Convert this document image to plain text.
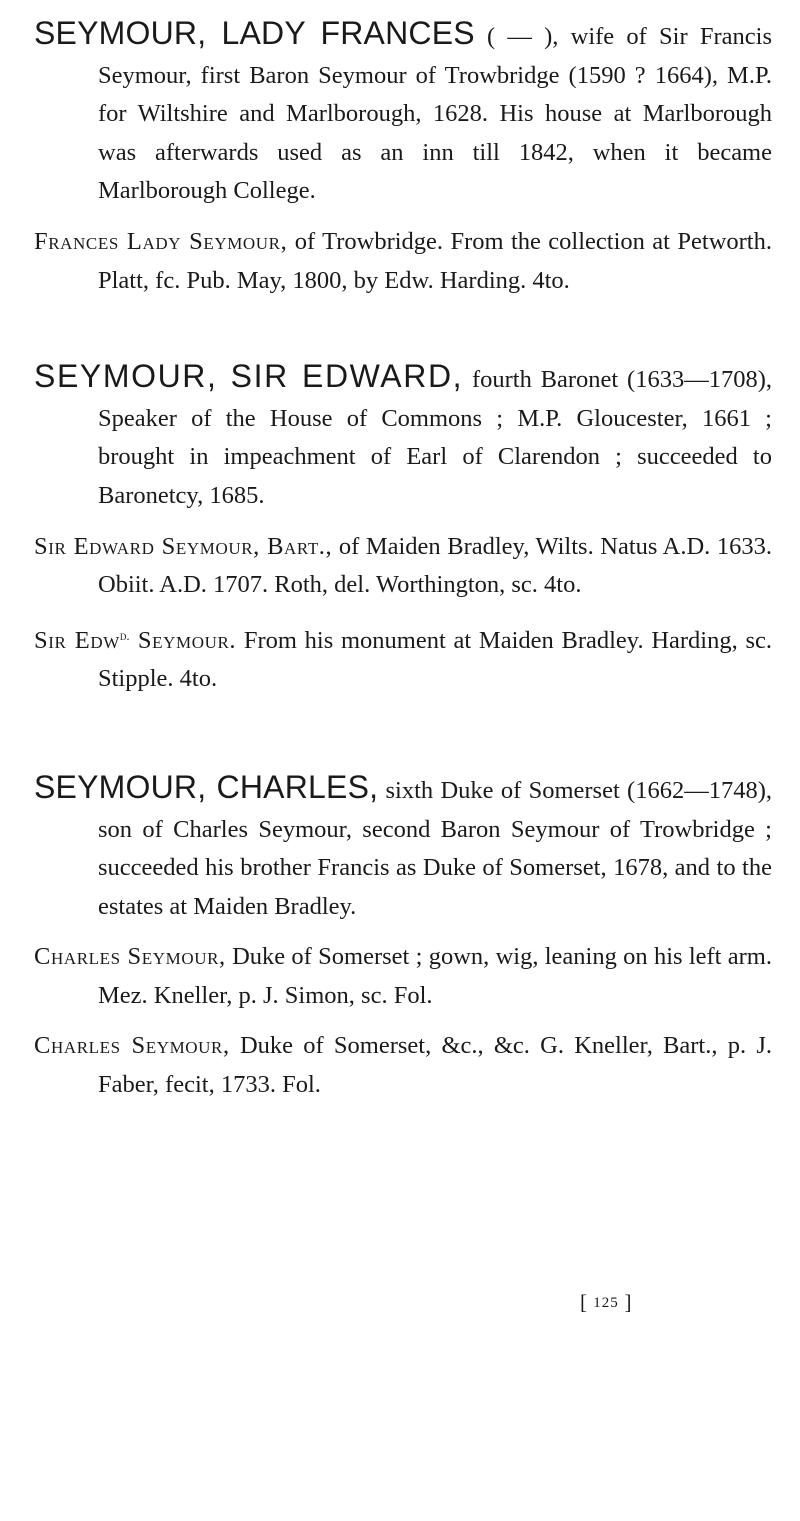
SEYMOUR, LADY FRANCES ( — ), wife of Sir Francis Seymour, first Baron Seymour of Trowbridge (1590 ? 1664), M.P. for Wiltshire and Marlborough, 1628. His house at Marlborough was afterwards used as an inn till 1842, when it became Marlborough College.

Frances Lady Seymour, of Trowbridge. From the collection at Petworth. Platt, fc. Pub. May, 1800, by Edw. Harding. 4to.

SEYMOUR, SIR EDWARD, fourth Baronet (1633—1708), Speaker of the House of Commons ; M.P. Gloucester, 1661 ; brought in impeachment of Earl of Clarendon ; succeeded to Baronetcy, 1685.

Sir Edward Seymour, Bart., of Maiden Bradley, Wilts. Natus A.D. 1633. Obiit. A.D. 1707. Roth, del. Worthington, sc. 4to.

Sir Edw$^{d.}$ Seymour. From his monument at Maiden Bradley. Harding, sc. Stipple. 4to.

SEYMOUR, CHARLES, sixth Duke of Somerset (1662—1748), son of Charles Seymour, second Baron Seymour of Trowbridge ; succeeded his brother Francis as Duke of Somerset, 1678, and to the estates at Maiden Bradley.

Charles Seymour, Duke of Somerset ; gown, wig, leaning on his left arm. Mez. Kneller, p. J. Simon, sc. Fol.

Charles Seymour, Duke of Somerset, &c., &c. G. Kneller, Bart., p. J. Faber, fecit, 1733. Fol.

[ 125 ]
